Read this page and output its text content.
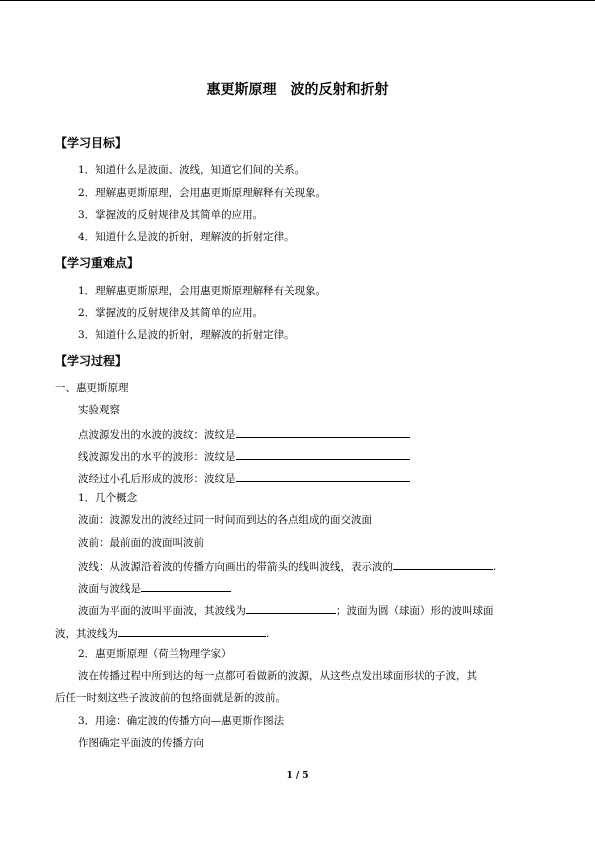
惠更斯原理　波的反射和折射
【学习目标】
1．知道什么是波面、波线，知道它们间的关系。
2．理解惠更斯原理，会用惠更斯原理解释有关现象。
3．掌握波的反射规律及其简单的应用。
4．知道什么是波的折射，理解波的折射定律。
【学习重难点】
1．理解惠更斯原理，会用惠更斯原理解释有关现象。
2．掌握波的反射规律及其简单的应用。
3．知道什么是波的折射，理解波的折射定律。
【学习过程】
一、惠更斯原理
实验观察
点波源发出的水波的波纹：波纹是
线波源发出的水平的波形：波纹是
波经过小孔后形成的波形：波纹是
1．几个概念
波面：波源发出的波经过同一时间而到达的各点组成的面交波面
波前：最前面的波面叫波前
波线：从波源沿着波的传播方向画出的带箭头的线叫波线，表示波的	.
波面与波线是
波面为平面的波叫平面波，其波线为	；波面为圆（球面）形的波叫球面
波，其波线为	.
2．惠更斯原理（荷兰物理学家）
波在传播过程中所到达的每一点都可看做新的波源，从这些点发出球面形状的子波，其
后任一时刻这些子波波前的包络面就是新的波前。
3．用途：确定波的传播方向—惠更斯作图法
作图确定平面波的传播方向
1 / 5
